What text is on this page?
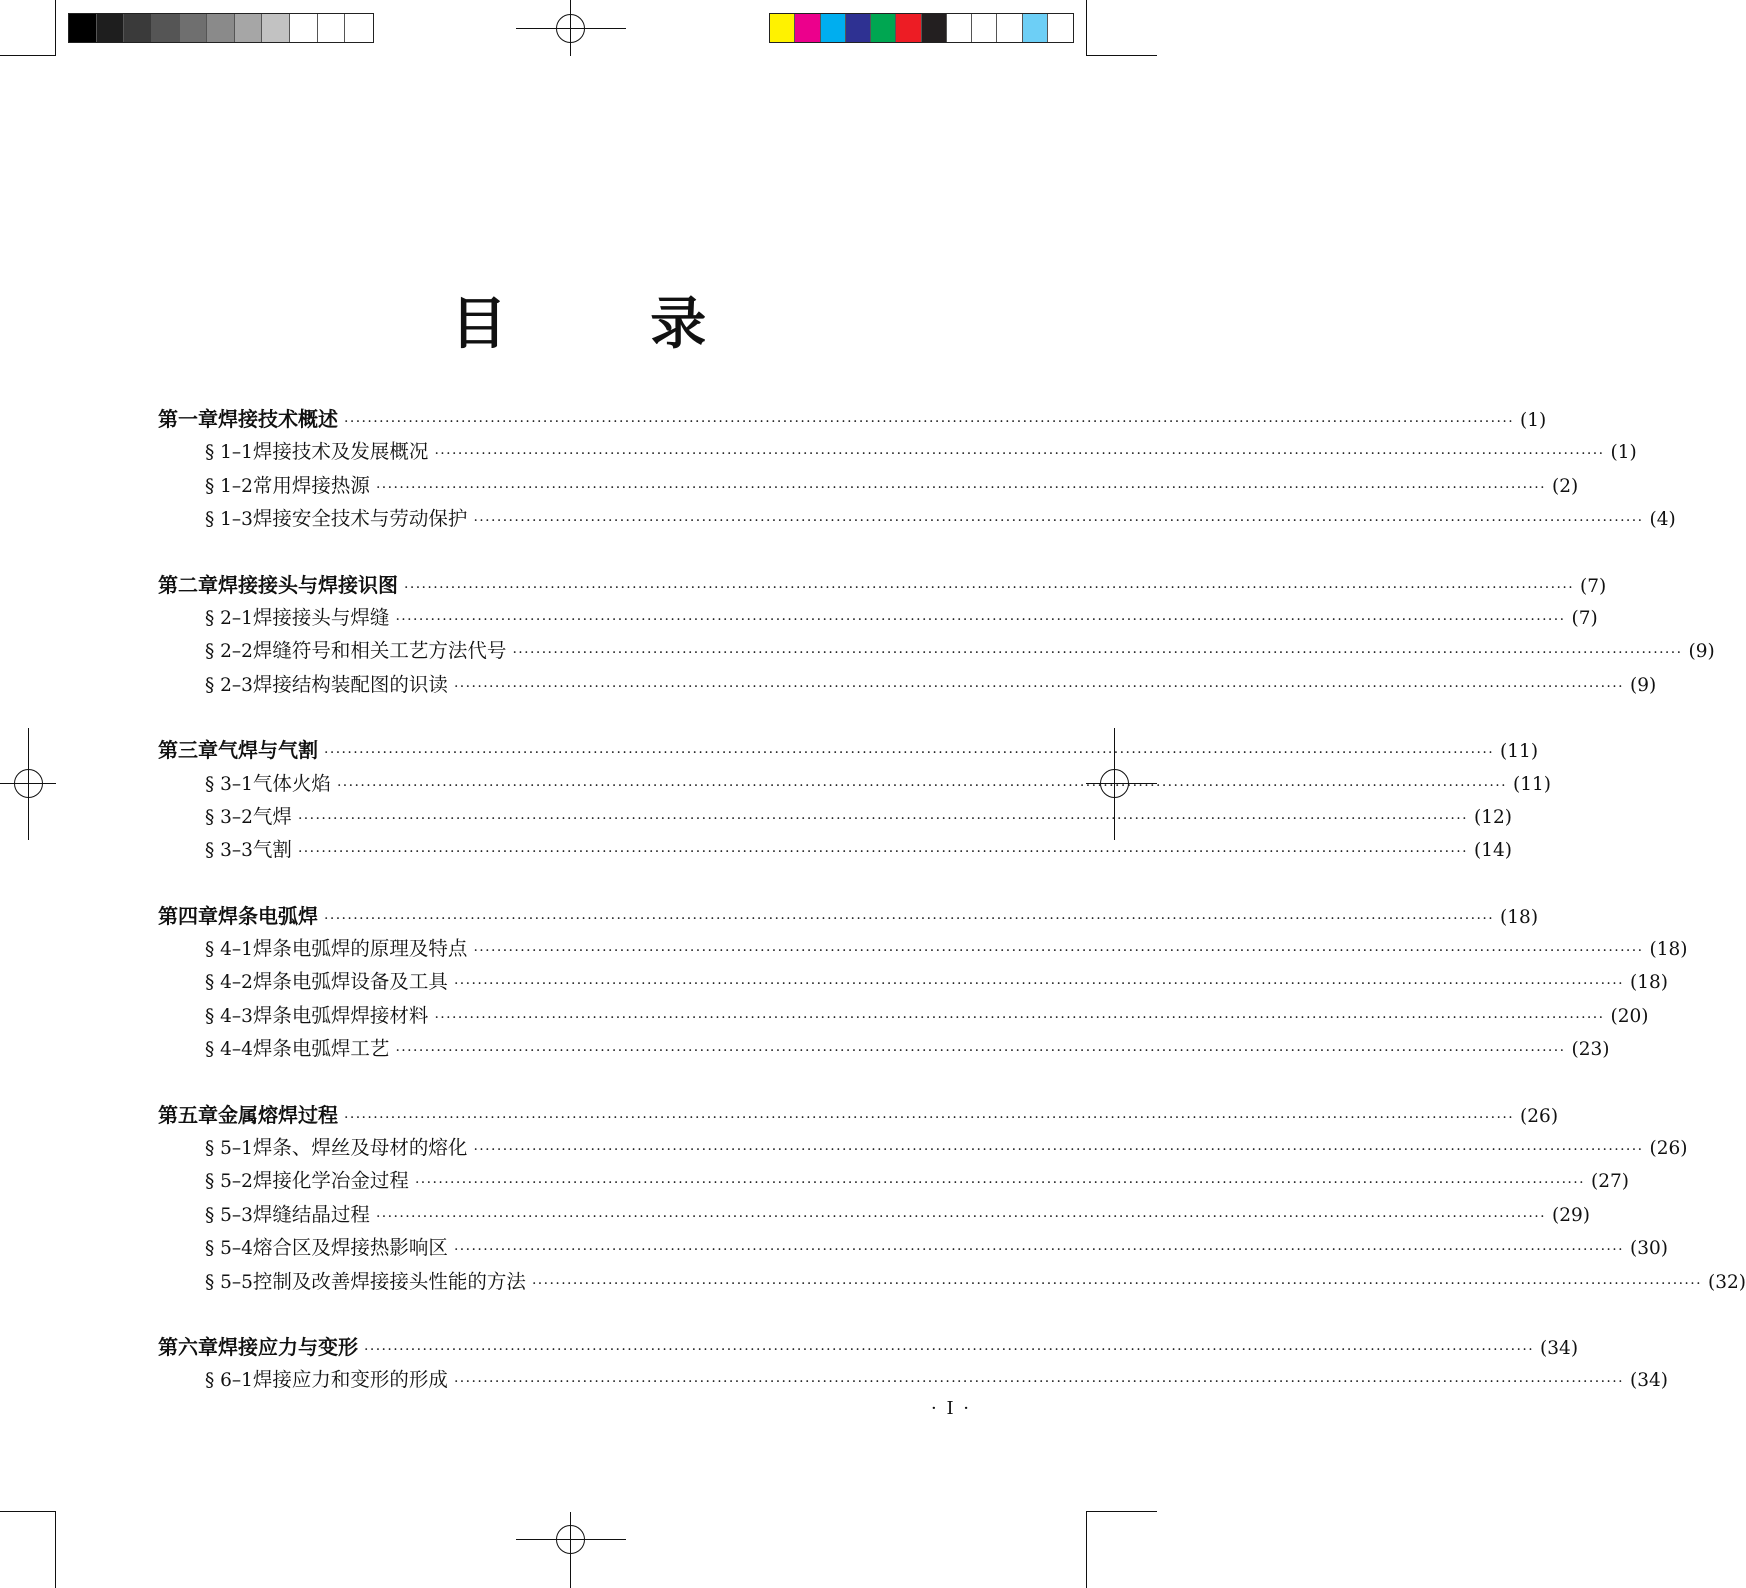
目 录
第一章 焊接技术概述 ········································································································································································································ ( 1 )
§ 1–1 焊接技术及发展概况 ········································································································································································································ ( 1 )
§ 1–2 常用焊接热源 ········································································································································································································ ( 2 )
§ 1–3 焊接安全技术与劳动保护 ········································································································································································································ ( 4 )
第二章 焊接接头与焊接识图 ········································································································································································································ ( 7 )
§ 2–1 焊接接头与焊缝 ········································································································································································································ ( 7 )
§ 2–2 焊缝符号和相关工艺方法代号 ········································································································································································································ ( 9 )
§ 2–3 焊接结构装配图的识读 ········································································································································································································ ( 9 )
第三章 气焊与气割 ········································································································································································································ ( 11 )
§ 3–1 气体火焰 ········································································································································································································ ( 11 )
§ 3–2 气焊 ········································································································································································································ ( 12 )
§ 3–3 气割 ········································································································································································································ ( 14 )
第四章 焊条电弧焊 ········································································································································································································ ( 18 )
§ 4–1 焊条电弧焊的原理及特点 ········································································································································································································ ( 18 )
§ 4–2 焊条电弧焊设备及工具 ········································································································································································································ ( 18 )
§ 4–3 焊条电弧焊焊接材料 ········································································································································································································ ( 20 )
§ 4–4 焊条电弧焊工艺 ········································································································································································································ ( 23 )
第五章 金属熔焊过程 ········································································································································································································ ( 26 )
§ 5–1 焊条、焊丝及母材的熔化 ········································································································································································································ ( 26 )
§ 5–2 焊接化学冶金过程 ········································································································································································································ ( 27 )
§ 5–3 焊缝结晶过程 ········································································································································································································ ( 29 )
§ 5–4 熔合区及焊接热影响区 ········································································································································································································ ( 30 )
§ 5–5 控制及改善焊接接头性能的方法 ········································································································································································································ ( 32 )
第六章 焊接应力与变形 ········································································································································································································ ( 34 )
§ 6–1 焊接应力和变形的形成 ········································································································································································································ ( 34 )
· I ·
